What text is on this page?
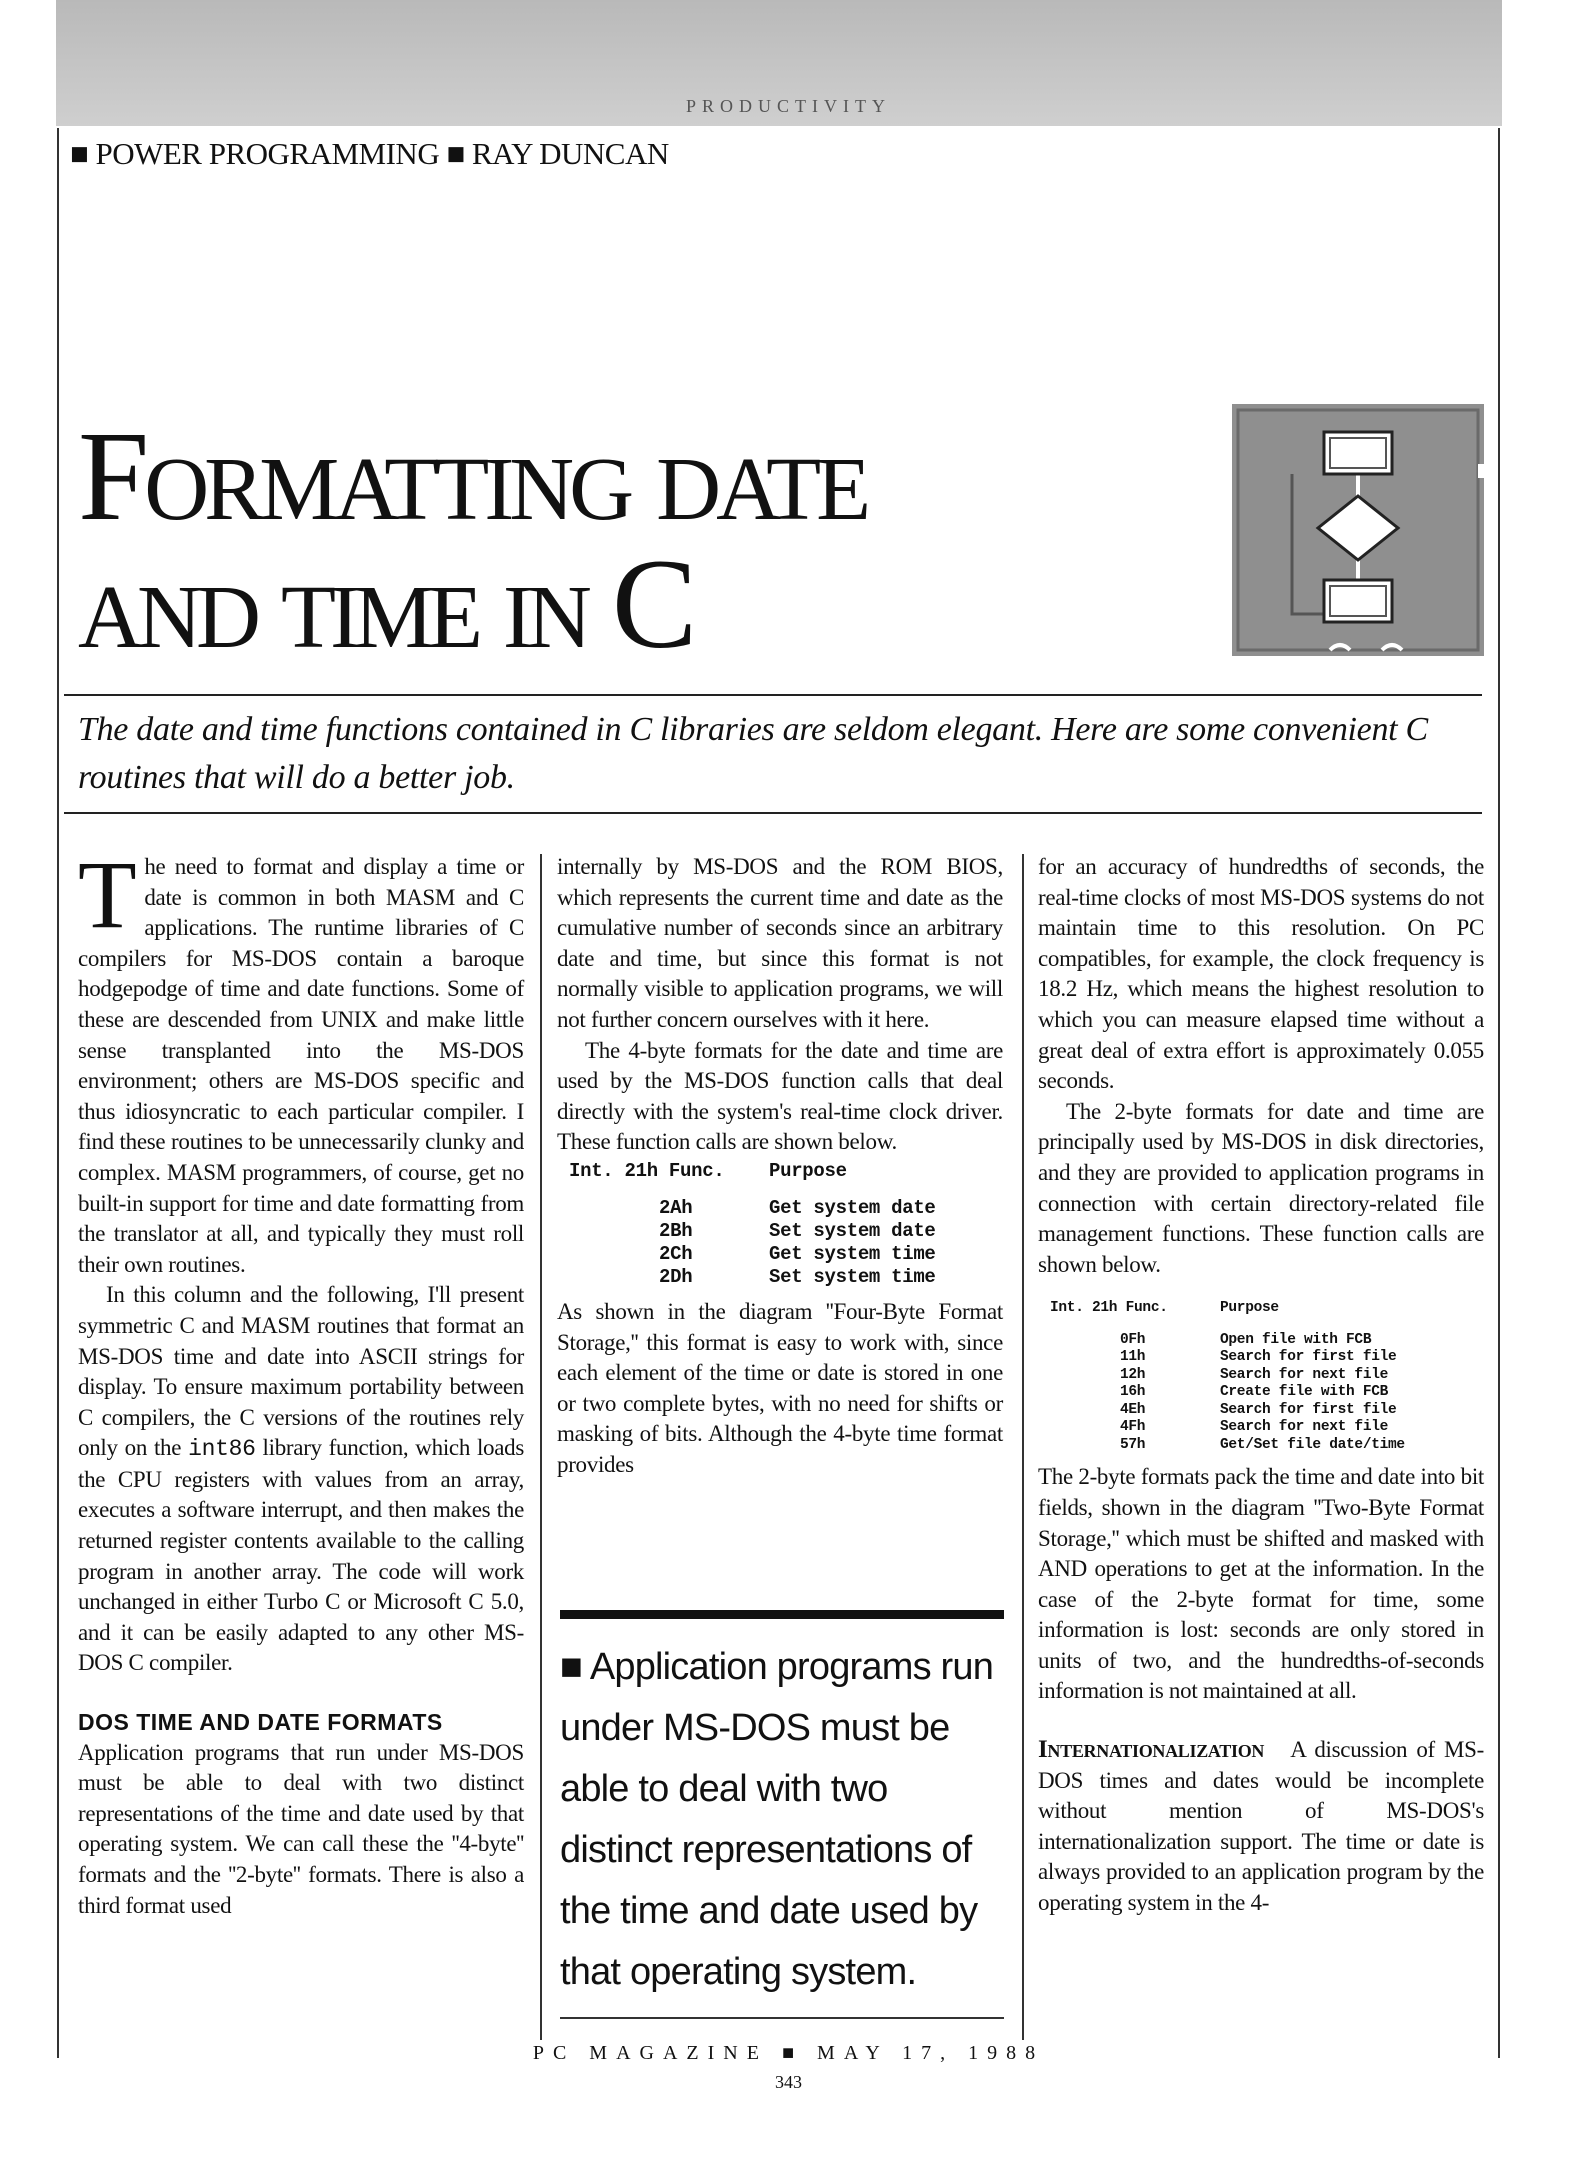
PRODUCTIVITY
■ POWER PROGRAMMING ■ RAY DUNCAN
Formatting date
and time in C
The date and time functions contained in C libraries are seldom elegant. Here are some convenient C routines that will do a better job.

The need to format and display a time or date is common in both MASM and C applications. The runtime libraries of C compilers for MS-DOS contain a baroque hodgepodge of time and date functions. Some of these are descended from UNIX and make little sense transplanted into the MS-DOS environment; others are MS-DOS specific and thus idiosyncratic to each particular compiler. I find these routines to be unnecessarily clunky and complex. MASM programmers, of course, get no built-in support for time and date formatting from the translator at all, and typically they must roll their own routines.

In this column and the following, I'll present symmetric C and MASM routines that format an MS-DOS time and date into ASCII strings for display. To ensure maximum portability between C compilers, the C versions of the routines rely only on the int86 library function, which loads the CPU registers with values from an array, executes a software interrupt, and then makes the returned register contents available to the calling program in another array. The code will work unchanged in either Turbo C or Microsoft C 5.0, and it can be easily adapted to any other MS-DOS C compiler.

DOS TIME AND DATE FORMATS

Application programs that run under MS-DOS must be able to deal with two distinct representations of the time and date used by that operating system. We can call these the ''4-byte'' formats and the ''2-byte'' formats. There is also a third format used

internally by MS-DOS and the ROM BIOS, which represents the current time and date as the cumulative number of seconds since an arbitrary date and time, but since this format is not normally visible to application programs, we will not further concern ourselves with it here.

The 4-byte formats for the date and time are used by the MS-DOS function calls that deal directly with the system's real-time clock driver. These function calls are shown below.

Int. 21h Func.	Purpose
2Ah	Get system date
2Bh	Set system date
2Ch	Get system time
2Dh	Set system time

As shown in the diagram ''Four-Byte Format Storage,'' this format is easy to work with, since each element of the time or date is stored in one or two complete bytes, with no need for shifts or masking of bits. Although the 4-byte time format provides

■ Application programs run under MS-DOS must be able to deal with two distinct representations of the time and date used by that operating system.

for an accuracy of hundredths of seconds, the real-time clocks of most MS-DOS systems do not maintain time to this resolution. On PC compatibles, for example, the clock frequency is 18.2 Hz, which means the highest resolution to which you can measure elapsed time without a great deal of extra effort is approximately 0.055 seconds.

The 2-byte formats for date and time are principally used by MS-DOS in disk directories, and they are provided to application programs in connection with certain directory-related file management functions. These function calls are shown below.

Int. 21h Func.	Purpose
0Fh	Open file with FCB
11h	Search for first file
12h	Search for next file
16h	Create file with FCB
4Eh	Search for first file
4Fh	Search for next file
57h	Get/Set file date/time

The 2-byte formats pack the time and date into bit fields, shown in the diagram ''Two-Byte Format Storage,'' which must be shifted and masked with AND operations to get at the information. In the case of the 2-byte format for time, some information is lost: seconds are only stored in units of two, and the hundredths-of-seconds information is not maintained at all.

Internationalization A discussion of MS-DOS times and dates would be incomplete without mention of MS-DOS's internationalization support. The time or date is always provided to an application program by the operating system in the 4-

PC MAGAZINE ■ MAY 17, 1988
343
